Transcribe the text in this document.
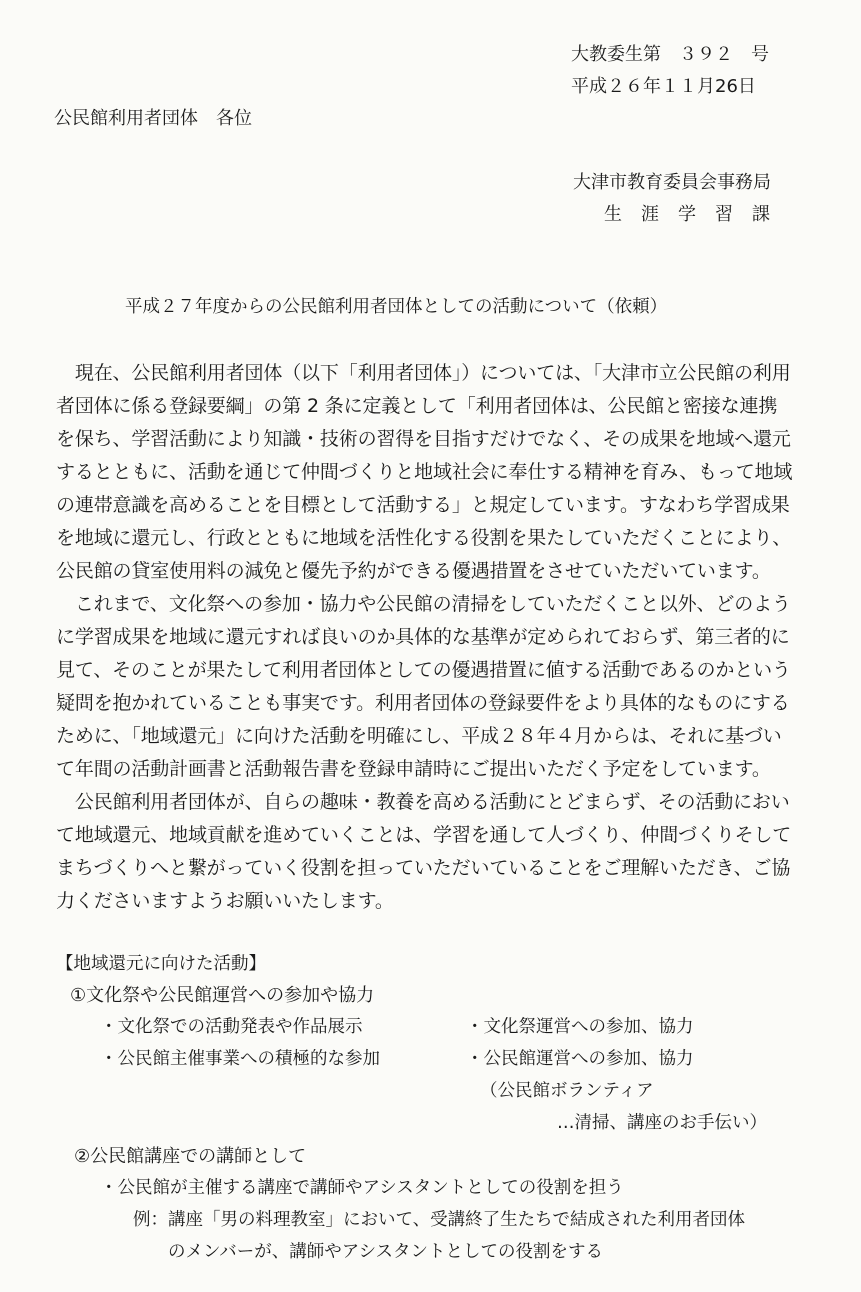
大教委生第　３９２　号
平成２６年１１月26日
公民館利用者団体　各位
大津市教育委員会事務局
生涯学習課
平成２７年度からの公民館利用者団体としての活動について（依頼）
　現在、公民館利用者団体（以下「利用者団体」）については、「大津市立公民館の利用
者団体に係る登録要綱」の第 2 条に定義として「利用者団体は、公民館と密接な連携
を保ち、学習活動により知識・技術の習得を目指すだけでなく、その成果を地域へ還元
するとともに、活動を通じて仲間づくりと地域社会に奉仕する精神を育み、もって地域
の連帯意識を高めることを目標として活動する」と規定しています。すなわち学習成果
を地域に還元し、行政とともに地域を活性化する役割を果たしていただくことにより、
公民館の貸室使用料の減免と優先予約ができる優遇措置をさせていただいています。
　これまで、文化祭への参加・協力や公民館の清掃をしていただくこと以外、どのよう
に学習成果を地域に還元すれば良いのか具体的な基準が定められておらず、第三者的に
見て、そのことが果たして利用者団体としての優遇措置に値する活動であるのかという
疑問を抱かれていることも事実です。利用者団体の登録要件をより具体的なものにする
ために、「地域還元」に向けた活動を明確にし、平成２８年４月からは、それに基づい
て年間の活動計画書と活動報告書を登録申請時にご提出いただく予定をしています。
　公民館利用者団体が、自らの趣味・教養を高める活動にとどまらず、その活動におい
て地域還元、地域貢献を進めていくことは、学習を通して人づくり、仲間づくりそして
まちづくりへと繋がっていく役割を担っていただいていることをご理解いただき、ご協
力くださいますようお願いいたします。
【地域還元に向けた活動】
①文化祭や公民館運営への参加や協力
・文化祭での活動発表や作品展示
・公民館主催事業への積極的な参加
・文化祭運営への参加、協力
・公民館運営への参加、協力
（公民館ボランティア
…清掃、講座のお手伝い）
②公民館講座での講師として
・公民館が主催する講座で講師やアシスタントとしての役割を担う
例：講座「男の料理教室」において、受講終了生たちで結成された利用者団体
のメンバーが、講師やアシスタントとしての役割をする
